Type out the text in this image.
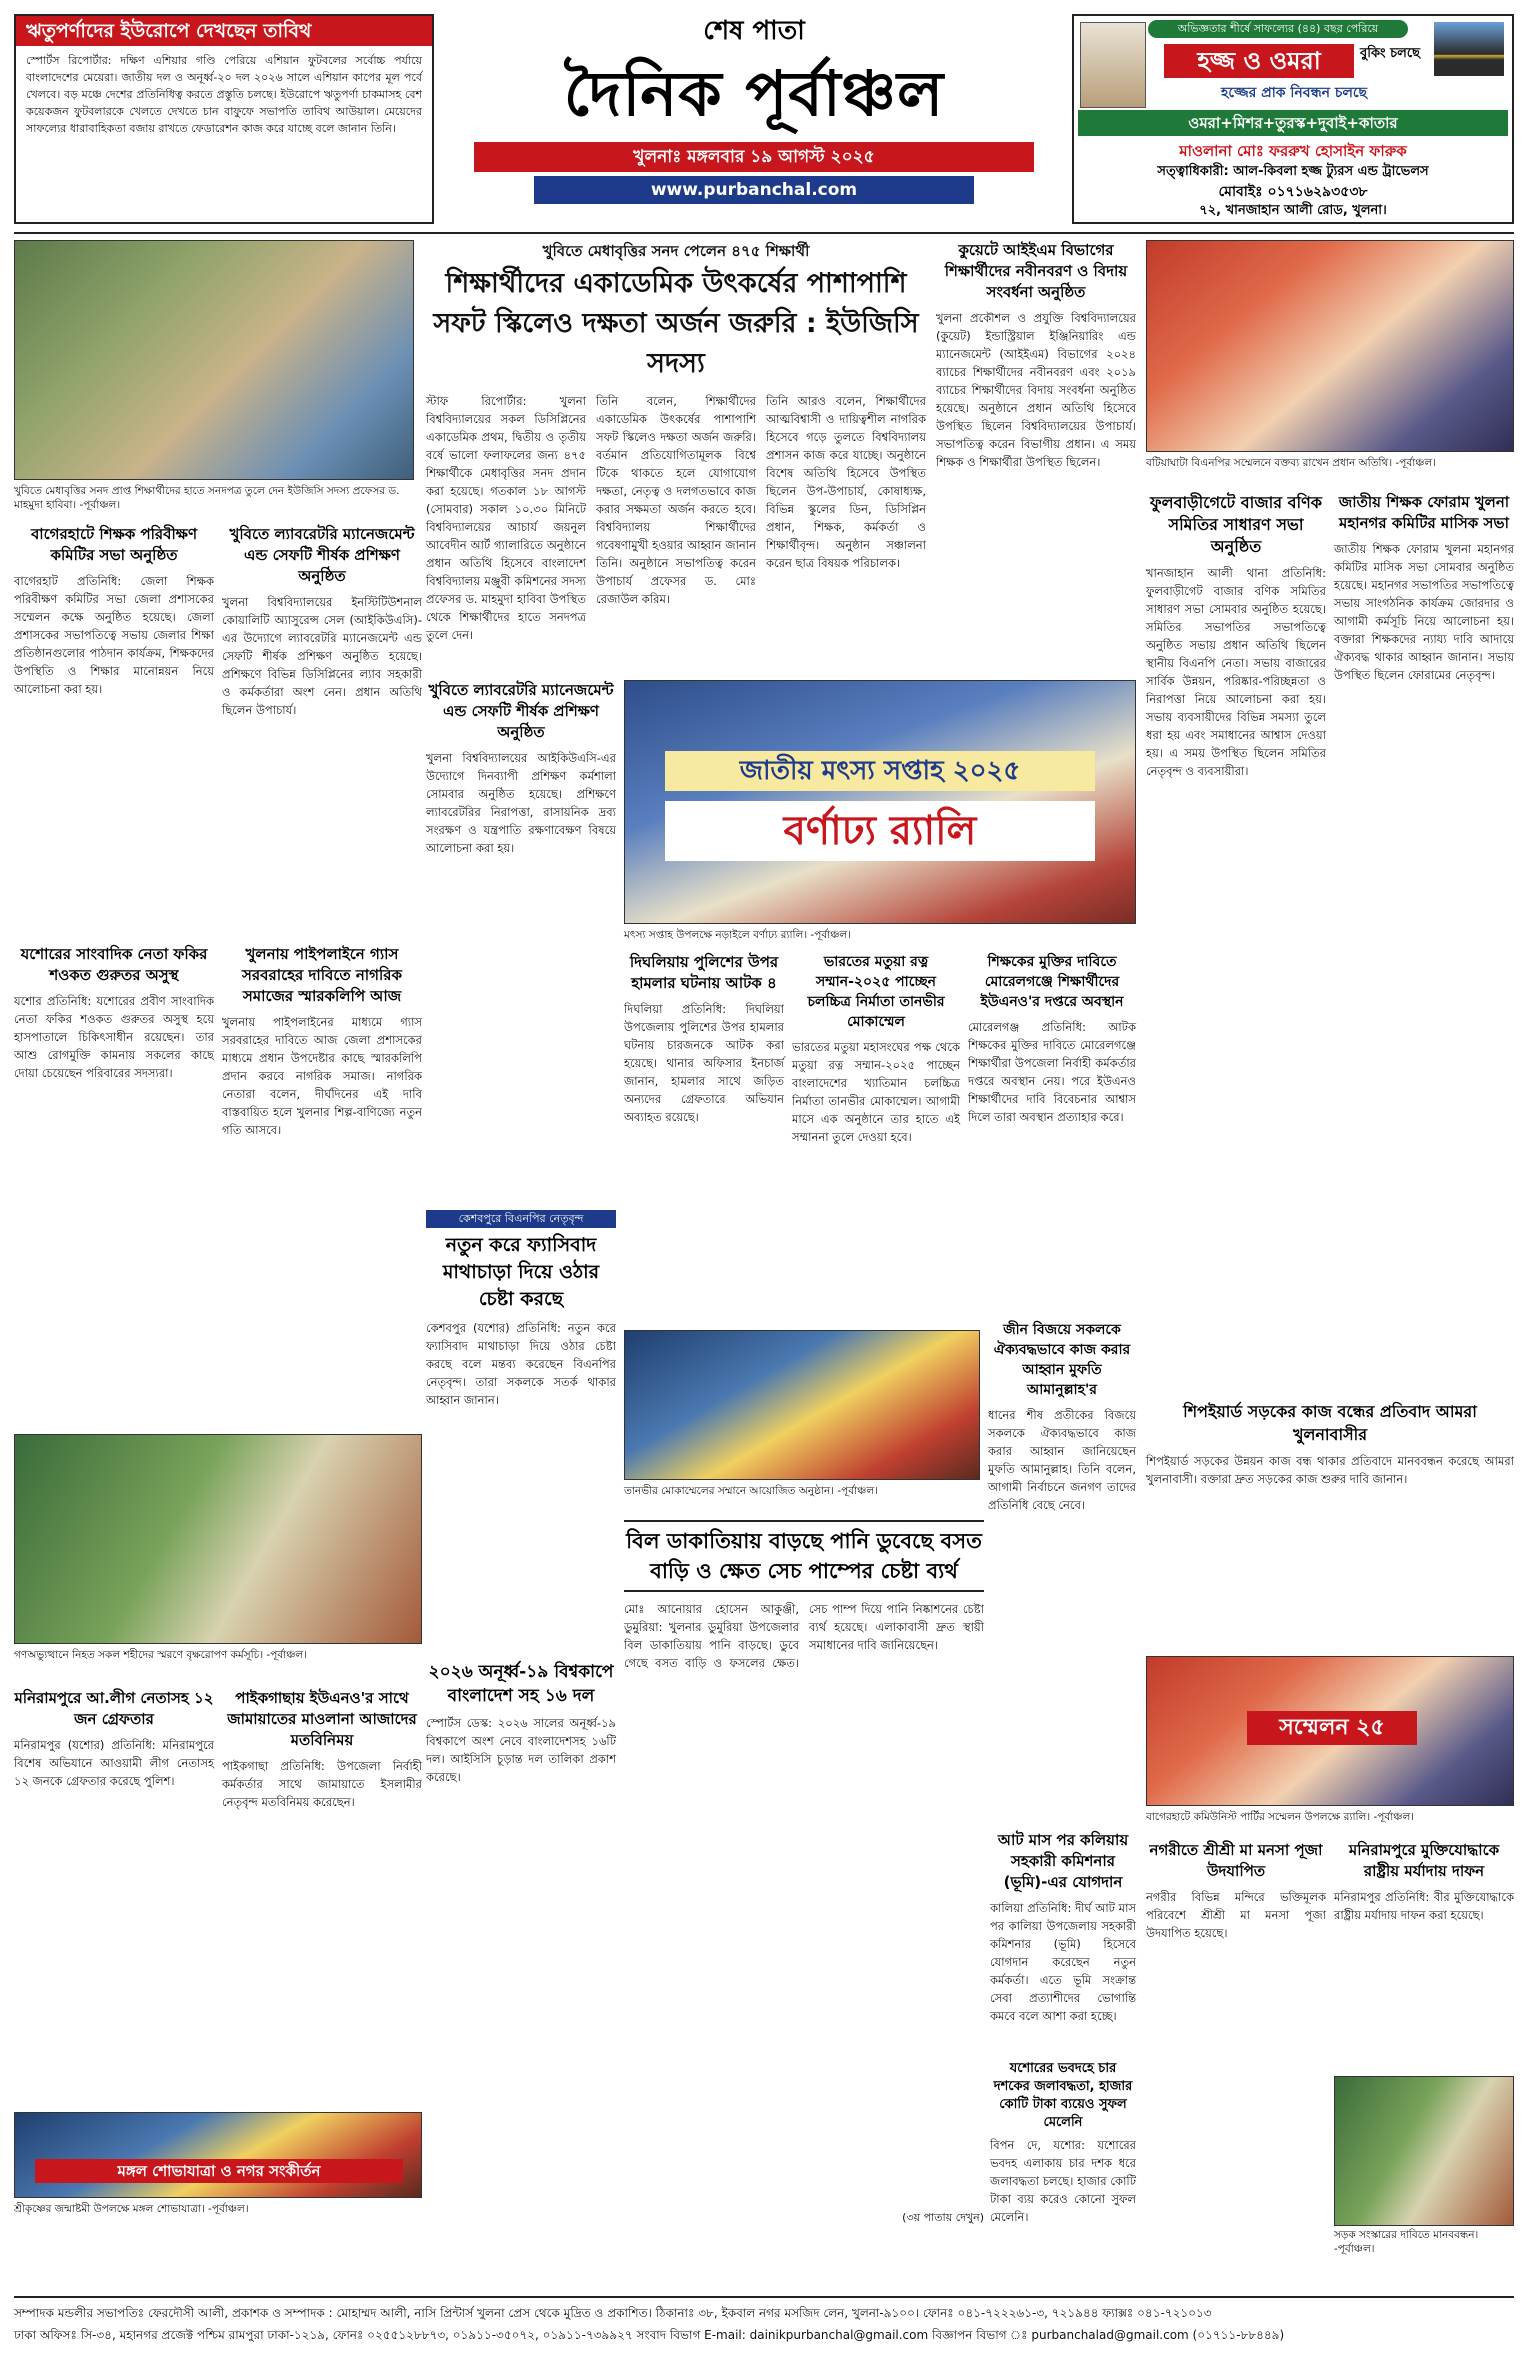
ঋতুপর্ণাদের ইউরোপে দেখছেন তাবিথ
স্পোর্টস রিপোর্টার: দক্ষিণ এশিয়ার গণ্ডি পেরিয়ে এশিয়ান ফুটবলের সর্বোচ্চ পর্যায়ে বাংলাদেশের মেয়েরা। জাতীয় দল ও অনূর্ধ্ব-২০ দল ২০২৬ সালে এশিয়ান কাপের মূল পর্বে খেলবে। বড় মঞ্চে দেশের প্রতিনিধিত্ব করতে প্রস্তুতি চলছে। ইউরোপে ঋতুপর্ণা চাকমাসহ বেশ কয়েকজন ফুটবলারকে খেলতে দেখতে চান বাফুফে সভাপতি তাবিথ আউয়াল। মেয়েদের সাফল্যের ধারাবাহিকতা বজায় রাখতে ফেডারেশন কাজ করে যাচ্ছে বলে জানান তিনি।
শেষ পাতা
দৈনিক পূর্বাঞ্চল
খুলনাঃ মঙ্গলবার ১৯ আগস্ট ২০২৫
www.purbanchal.com
অভিজ্ঞতার শীর্ষে সাফল্যের (৪৪) বছর পেরিয়ে
হজ্জ ও ওমরা	বুকিং চলছে
হজ্জের প্রাক নিবন্ধন চলছে
ওমরা+মিশর+তুরস্ক+দুবাই+কাতার
মাওলানা মোঃ ফররুখ হোসাইন ফারুক
সত্ত্বাধিকারী: আল-কিবলা হজ্জ ট্যুরস এন্ড ট্রাভেলস
মোবাইঃ ০১৭১৬২৯৩৫৩৮
৭২, খানজাহান আলী রোড, খুলনা।
খুবিতে মেধাবৃত্তির সনদ প্রাপ্ত শিক্ষার্থীদের হাতে সনদপত্র তুলে দেন ইউজিসি সদস্য প্রফেসর ড. মাহমুদা হাবিবা। -পূর্বাঞ্চল।
খুবিতে মেধাবৃত্তির সনদ পেলেন ৪৭৫ শিক্ষার্থী
শিক্ষার্থীদের একাডেমিক উৎকর্ষের পাশাপাশি সফট স্কিলেও দক্ষতা অর্জন জরুরি : ইউজিসি সদস্য
স্টাফ রিপোর্টার: খুলনা বিশ্ববিদ্যালয়ের সকল ডিসিপ্লিনের একাডেমিক প্রথম, দ্বিতীয় ও তৃতীয় বর্ষে ভালো ফলাফলের জন্য ৪৭৫ শিক্ষার্থীকে মেধাবৃত্তির সনদ প্রদান করা হয়েছে। গতকাল ১৮ আগস্ট (সোমবার) সকাল ১০.৩০ মিনিটে বিশ্ববিদ্যালয়ের আচার্য জয়নুল আবেদীন আর্ট গ্যালারিতে অনুষ্ঠানে প্রধান অতিথি হিসেবে বাংলাদেশ বিশ্ববিদ্যালয় মঞ্জুরী কমিশনের সদস্য প্রফেসর ড. মাহমুদা হাবিবা উপস্থিত থেকে শিক্ষার্থীদের হাতে সনদপত্র তুলে দেন।
তিনি বলেন, শিক্ষার্থীদের একাডেমিক উৎকর্ষের পাশাপাশি সফট স্কিলেও দক্ষতা অর্জন জরুরি। বর্তমান প্রতিযোগিতামূলক বিশ্বে টিকে থাকতে হলে যোগাযোগ দক্ষতা, নেতৃত্ব ও দলগতভাবে কাজ করার সক্ষমতা অর্জন করতে হবে। বিশ্ববিদ্যালয় শিক্ষার্থীদের গবেষণামুখী হওয়ার আহ্বান জানান তিনি। অনুষ্ঠানে সভাপতিত্ব করেন উপাচার্য প্রফেসর ড. মোঃ রেজাউল করিম।
তিনি আরও বলেন, শিক্ষার্থীদের আত্মবিশ্বাসী ও দায়িত্বশীল নাগরিক হিসেবে গড়ে তুলতে বিশ্ববিদ্যালয় প্রশাসন কাজ করে যাচ্ছে। অনুষ্ঠানে বিশেষ অতিথি হিসেবে উপস্থিত ছিলেন উপ-উপাচার্য, কোষাধ্যক্ষ, বিভিন্ন স্কুলের ডিন, ডিসিপ্লিন প্রধান, শিক্ষক, কর্মকর্তা ও শিক্ষার্থীবৃন্দ। অনুষ্ঠান সঞ্চালনা করেন ছাত্র বিষয়ক পরিচালক।
কুয়েটে আইইএম বিভাগের শিক্ষার্থীদের নবীনবরণ ও বিদায় সংবর্ধনা অনুষ্ঠিত
খুলনা প্রকৌশল ও প্রযুক্তি বিশ্ববিদ্যালয়ের (কুয়েট) ইন্ডাস্ট্রিয়াল ইঞ্জিনিয়ারিং এন্ড ম্যানেজমেন্ট (আইইএম) বিভাগের ২০২৪ ব্যাচের শিক্ষার্থীদের নবীনবরণ এবং ২০১৯ ব্যাচের শিক্ষার্থীদের বিদায় সংবর্ধনা অনুষ্ঠিত হয়েছে। অনুষ্ঠানে প্রধান অতিথি হিসেবে উপস্থিত ছিলেন বিশ্ববিদ্যালয়ের উপাচার্য। সভাপতিত্ব করেন বিভাগীয় প্রধান। এ সময় শিক্ষক ও শিক্ষার্থীরা উপস্থিত ছিলেন।	বটিয়াঘাটা বিএনপির সম্মেলনে বক্তব্য রাখেন প্রধান অতিথি। -পূর্বাঞ্চল।
ফুলবাড়ীগেটে বাজার বণিক সমিতির সাধারণ সভা অনুষ্ঠিত
খানজাহান আলী থানা প্রতিনিধি: ফুলবাড়ীগেট বাজার বণিক সমিতির সাধারণ সভা সোমবার অনুষ্ঠিত হয়েছে। সমিতির সভাপতির সভাপতিত্বে অনুষ্ঠিত সভায় প্রধান অতিথি ছিলেন স্থানীয় বিএনপি নেতা। সভায় বাজারের সার্বিক উন্নয়ন, পরিষ্কার-পরিচ্ছন্নতা ও নিরাপত্তা নিয়ে আলোচনা করা হয়। সভায় ব্যবসায়ীদের বিভিন্ন সমস্যা তুলে ধরা হয় এবং সমাধানের আশ্বাস দেওয়া হয়। এ সময় উপস্থিত ছিলেন সমিতির নেতৃবৃন্দ ও ব্যবসায়ীরা।
জাতীয় শিক্ষক ফোরাম খুলনা মহানগর কমিটির মাসিক সভা
জাতীয় শিক্ষক ফোরাম খুলনা মহানগর কমিটির মাসিক সভা সোমবার অনুষ্ঠিত হয়েছে। মহানগর সভাপতির সভাপতিত্বে সভায় সাংগঠনিক কার্যক্রম জোরদার ও আগামী কর্মসূচি নিয়ে আলোচনা হয়। বক্তারা শিক্ষকদের ন্যায্য দাবি আদায়ে ঐক্যবদ্ধ থাকার আহ্বান জানান। সভায় উপস্থিত ছিলেন ফোরামের নেতৃবৃন্দ।
বাগেরহাটে শিক্ষক পরিবীক্ষণ কমিটির সভা অনুষ্ঠিত
বাগেরহাট প্রতিনিধি: জেলা শিক্ষক পরিবীক্ষণ কমিটির সভা জেলা প্রশাসকের সম্মেলন কক্ষে অনুষ্ঠিত হয়েছে। জেলা প্রশাসকের সভাপতিত্বে সভায় জেলার শিক্ষা প্রতিষ্ঠানগুলোর পাঠদান কার্যক্রম, শিক্ষকদের উপস্থিতি ও শিক্ষার মানোন্নয়ন নিয়ে আলোচনা করা হয়।
খুবিতে ল্যাবরেটরি ম্যানেজমেন্ট এন্ড সেফটি শীর্ষক প্রশিক্ষণ অনুষ্ঠিত
খুলনা বিশ্ববিদ্যালয়ের ইনস্টিটিউশনাল কোয়ালিটি অ্যাসুরেন্স সেল (আইকিউএসি)-এর উদ্যোগে ল্যাবরেটরি ম্যানেজমেন্ট এন্ড সেফটি শীর্ষক প্রশিক্ষণ অনুষ্ঠিত হয়েছে। প্রশিক্ষণে বিভিন্ন ডিসিপ্লিনের ল্যাব সহকারী ও কর্মকর্তারা অংশ নেন। প্রধান অতিথি ছিলেন উপাচার্য।
যশোরের সাংবাদিক নেতা ফকির শওকত গুরুতর অসুস্থ
যশোর প্রতিনিধি: যশোরের প্রবীণ সাংবাদিক নেতা ফকির শওকত গুরুতর অসুস্থ হয়ে হাসপাতালে চিকিৎসাধীন রয়েছেন। তার আশু রোগমুক্তি কামনায় সকলের কাছে দোয়া চেয়েছেন পরিবারের সদস্যরা।
খুলনায় পাইপলাইনে গ্যাস সরবরাহের দাবিতে নাগরিক সমাজের স্মারকলিপি আজ
খুলনায় পাইপলাইনের মাধ্যমে গ্যাস সরবরাহের দাবিতে আজ জেলা প্রশাসকের মাধ্যমে প্রধান উপদেষ্টার কাছে স্মারকলিপি প্রদান করবে নাগরিক সমাজ। নাগরিক নেতারা বলেন, দীর্ঘদিনের এই দাবি বাস্তবায়িত হলে খুলনার শিল্প-বাণিজ্যে নতুন গতি আসবে।
খুবিতে ল্যাবরেটরি ম্যানেজমেন্ট এন্ড সেফটি শীর্ষক প্রশিক্ষণ অনুষ্ঠিত
খুলনা বিশ্ববিদ্যালয়ের আইকিউএসি-এর উদ্যোগে দিনব্যাপী প্রশিক্ষণ কর্মশালা সোমবার অনুষ্ঠিত হয়েছে। প্রশিক্ষণে ল্যাবরেটরির নিরাপত্তা, রাসায়নিক দ্রব্য সংরক্ষণ ও যন্ত্রপাতি রক্ষণাবেক্ষণ বিষয়ে আলোচনা করা হয়।
জাতীয় মৎস্য সপ্তাহ ২০২৫
বর্ণাঢ্য র‍্যালি
মৎস্য সপ্তাহ উপলক্ষে নড়াইলে বর্ণাঢ্য র‍্যালি। -পূর্বাঞ্চল।
দিঘলিয়ায় পুলিশের উপর হামলার ঘটনায় আটক ৪
দিঘলিয়া প্রতিনিধি: দিঘলিয়া উপজেলায় পুলিশের উপর হামলার ঘটনায় চারজনকে আটক করা হয়েছে। থানার অফিসার ইনচার্জ জানান, হামলার সাথে জড়িত অন্যদের গ্রেফতারে অভিযান অব্যাহত রয়েছে।
ভারতের মতুয়া রত্ন সম্মান-২০২৫ পাচ্ছেন চলচ্চিত্র নির্মাতা তানভীর মোকাম্মেল
ভারতের মতুয়া মহাসংঘের পক্ষ থেকে মতুয়া রত্ন সম্মান-২০২৫ পাচ্ছেন বাংলাদেশের খ্যাতিমান চলচ্চিত্র নির্মাতা তানভীর মোকাম্মেল। আগামী মাসে এক অনুষ্ঠানে তার হাতে এই সম্মাননা তুলে দেওয়া হবে।
শিক্ষকের মুক্তির দাবিতে মোরেলগঞ্জে শিক্ষার্থীদের ইউএনও'র দপ্তরে অবস্থান
মোরেলগঞ্জ প্রতিনিধি: আটক শিক্ষকের মুক্তির দাবিতে মোরেলগঞ্জে শিক্ষার্থীরা উপজেলা নির্বাহী কর্মকর্তার দপ্তরে অবস্থান নেয়। পরে ইউএনও শিক্ষার্থীদের দাবি বিবেচনার আশ্বাস দিলে তারা অবস্থান প্রত্যাহার করে।
তানভীর মোকাম্মেলের সম্মানে আয়োজিত অনুষ্ঠান। -পূর্বাঞ্চল।
জীন বিজয়ে সকলকে ঐক্যবদ্ধভাবে কাজ করার আহ্বান মুফতি আমানুল্লাহ'র
ধানের শীষ প্রতীকের বিজয়ে সকলকে ঐক্যবদ্ধভাবে কাজ করার আহ্বান জানিয়েছেন মুফতি আমানুল্লাহ। তিনি বলেন, আগামী নির্বাচনে জনগণ তাদের প্রতিনিধি বেছে নেবে।
শিপইয়ার্ড সড়কের কাজ বন্ধের প্রতিবাদ আমরা খুলনাবাসীর
শিপইয়ার্ড সড়কের উন্নয়ন কাজ বন্ধ থাকার প্রতিবাদে মানববন্ধন করেছে আমরা খুলনাবাসী। বক্তারা দ্রুত সড়কের কাজ শুরুর দাবি জানান।
সম্মেলন ২৫
বাগেরহাটে কমিউনিস্ট পার্টির সম্মেলন উপলক্ষে র‍্যালি। -পূর্বাঞ্চল।
গণঅভ্যুত্থানে নিহত সকল শহীদের স্মরণে বৃক্ষরোপণ কর্মসূচি। -পূর্বাঞ্চল।
কেশবপুরে বিএনপির নেতৃবৃন্দ
নতুন করে ফ্যাসিবাদ মাথাচাড়া দিয়ে ওঠার চেষ্টা করছে
কেশবপুর (যশোর) প্রতিনিধি: নতুন করে ফ্যাসিবাদ মাথাচাড়া দিয়ে ওঠার চেষ্টা করছে বলে মন্তব্য করেছেন বিএনপির নেতৃবৃন্দ। তারা সকলকে সতর্ক থাকার আহ্বান জানান।
বিল ডাকাতিয়ায় বাড়ছে পানি ডুবেছে বসত বাড়ি ও ক্ষেত সেচ পাম্পের চেষ্টা ব্যর্থ
মোঃ আনোয়ার হোসেন আকুঞ্জী, ডুমুরিয়া: খুলনার ডুমুরিয়া উপজেলার বিল ডাকাতিয়ায় পানি বাড়ছে। ডুবে গেছে বসত বাড়ি ও ফসলের ক্ষেত। সেচ পাম্প দিয়ে পানি নিষ্কাশনের চেষ্টা ব্যর্থ হয়েছে। এলাকাবাসী দ্রুত স্থায়ী সমাধানের দাবি জানিয়েছেন।
আট মাস পর কলিয়ায় সহকারী কমিশনার (ভূমি)-এর যোগদান
কালিয়া প্রতিনিধি: দীর্ঘ আট মাস পর কালিয়া উপজেলায় সহকারী কমিশনার (ভূমি) হিসেবে যোগদান করেছেন নতুন কর্মকর্তা। এতে ভূমি সংক্রান্ত সেবা প্রত্যাশীদের ভোগান্তি কমবে বলে আশা করা হচ্ছে।
২০২৬ অনূর্ধ্ব-১৯ বিশ্বকাপে বাংলাদেশ সহ ১৬ দল
স্পোর্টস ডেস্ক: ২০২৬ সালের অনূর্ধ্ব-১৯ বিশ্বকাপে অংশ নেবে বাংলাদেশসহ ১৬টি দল। আইসিসি চূড়ান্ত দল তালিকা প্রকাশ করেছে।
মনিরামপুরে আ.লীগ নেতাসহ ১২ জন গ্রেফতার
মনিরামপুর (যশোর) প্রতিনিধি: মনিরামপুরে বিশেষ অভিযানে আওয়ামী লীগ নেতাসহ ১২ জনকে গ্রেফতার করেছে পুলিশ।
পাইকগাছায় ইউএনও'র সাথে জামায়াতের মাওলানা আজাদের মতবিনিময়
পাইকগাছা প্রতিনিধি: উপজেলা নির্বাহী কর্মকর্তার সাথে জামায়াতে ইসলামীর নেতৃবৃন্দ মতবিনিময় করেছেন।
মঙ্গল শোভাযাত্রা ও নগর সংকীর্তন
শ্রীকৃষ্ণের জন্মাষ্টমী উপলক্ষে মঙ্গল শোভাযাত্রা। -পূর্বাঞ্চল।
যশোরের ভবদহে চার দশকের জলাবদ্ধতা, হাজার কোটি টাকা ব্যয়েও সুফল মেলেনি
বিপন দে, যশোর: যশোরের ভবদহ এলাকায় চার দশক ধরে জলাবদ্ধতা চলছে। হাজার কোটি টাকা ব্যয় করেও কোনো সুফল মেলেনি।
নগরীতে শ্রীশ্রী মা মনসা পূজা উদযাপিত
নগরীর বিভিন্ন মন্দিরে ভক্তিমূলক পরিবেশে শ্রীশ্রী মা মনসা পূজা উদযাপিত হয়েছে।
মনিরামপুরে মুক্তিযোদ্ধাকে রাষ্ট্রীয় মর্যাদায় দাফন
মনিরামপুর প্রতিনিধি: বীর মুক্তিযোদ্ধাকে রাষ্ট্রীয় মর্যাদায় দাফন করা হয়েছে।
সড়ক সংস্কারের দাবিতে মানববন্ধন। -পূর্বাঞ্চল।
(৩য় পাতায় দেখুন)
সম্পাদক মন্ডলীর সভাপতিঃ ফেরদৌসী আলী, প্রকাশক ও সম্পাদক : মোহাম্মদ আলী, নাসি প্রিন্টার্স খুলনা প্রেস থেকে মুদ্রিত ও প্রকাশিত। ঠিকানাঃ ৩৮, ইকবাল নগর মসজিদ লেন, খুলনা-৯১০০। ফোনঃ ০৪১-৭২২২৬১-৩, ৭২১৯৪৪ ফ্যাক্সঃ ০৪১-৭২১০১৩
ঢাকা অফিসঃ সি-৩৪, মহানগর প্রজেক্ট পশ্চিম রামপুরা ঢাকা-১২১৯, ফোনঃ ০২৫৫১২৮৮৭৩, ০১৯১১-৩৫০৭২, ০১৯১১-৭৩৯৯২৭ সংবাদ বিভাগ E-mail: dainikpurbanchal@gmail.com বিজ্ঞাপন বিভাগ ঃ purbanchalad@gmail.com (০১৭১১-৮৮৪৪৯)
